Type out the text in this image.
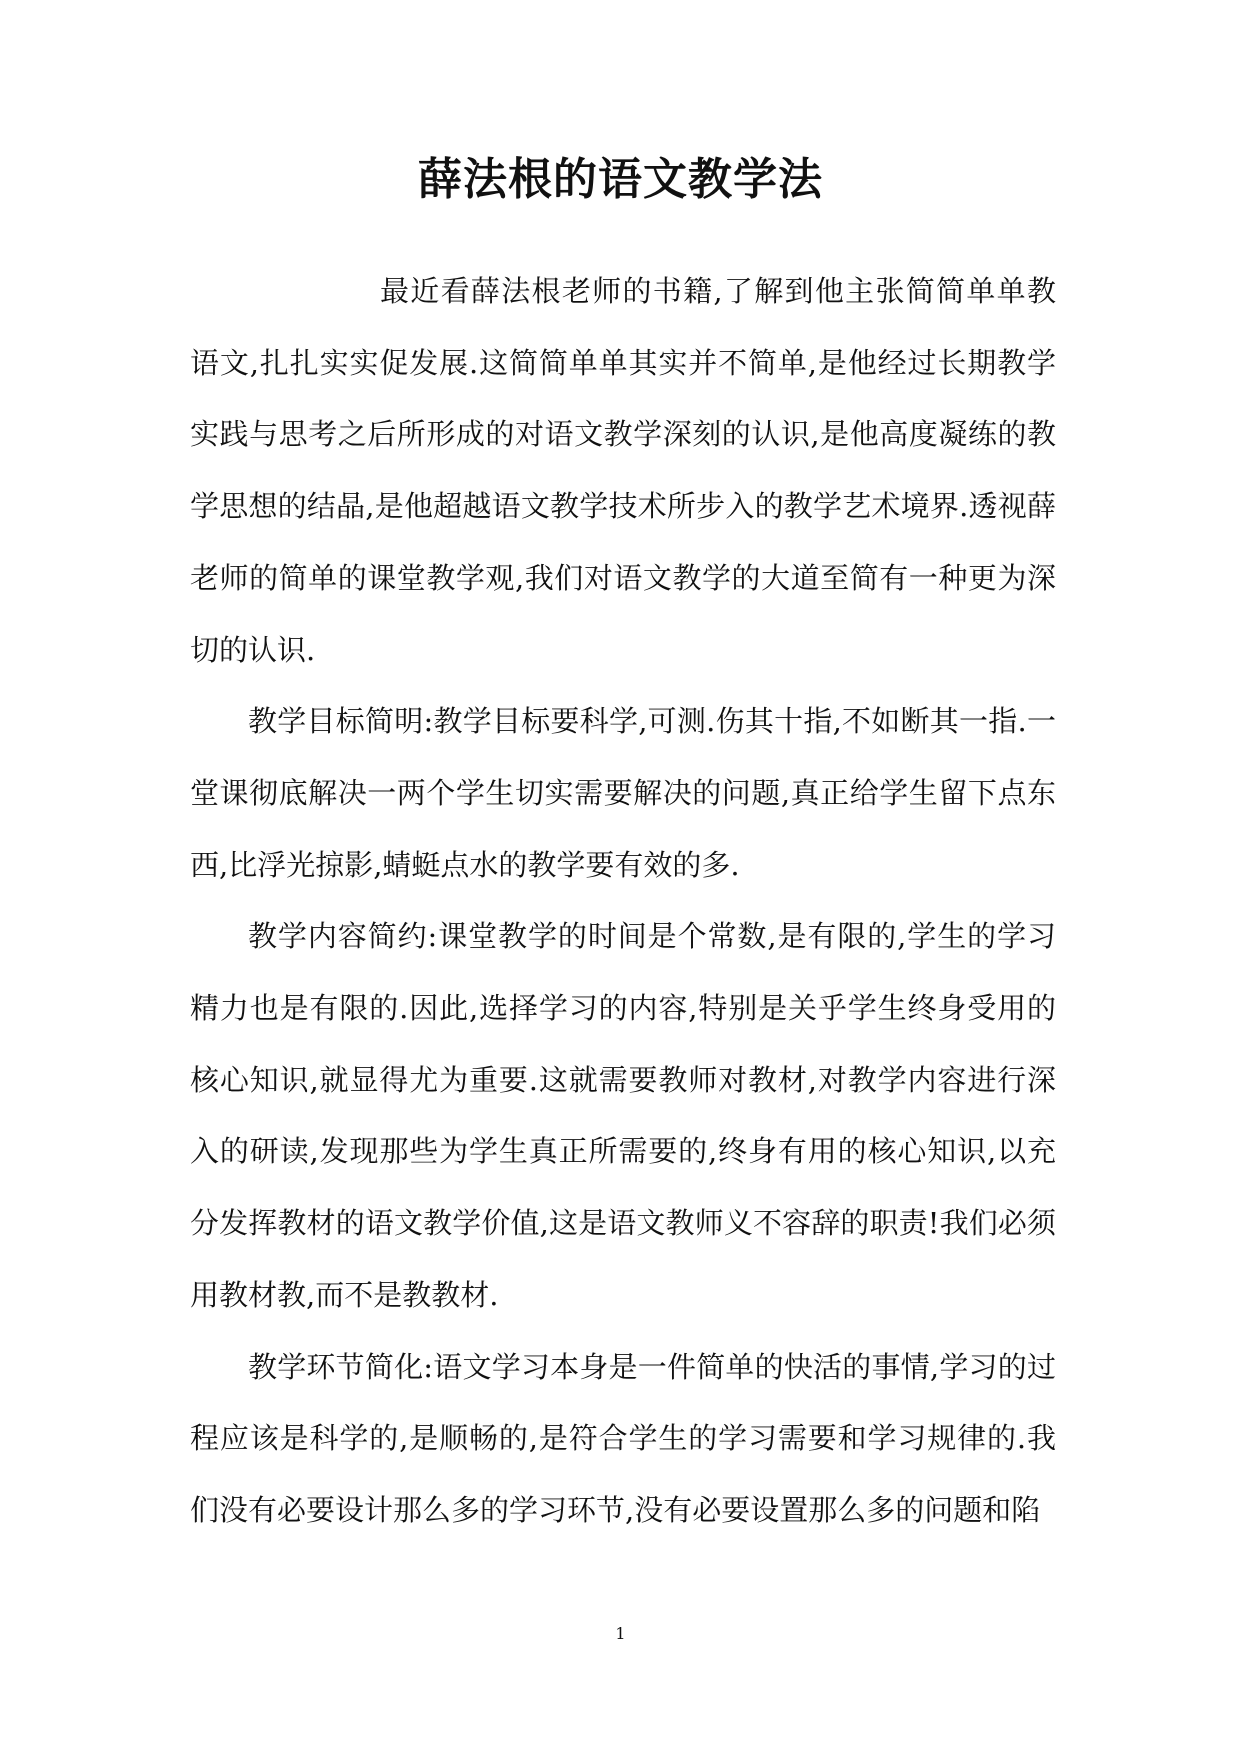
薛法根的语文教学法

最近看薛法根老师的书籍,了解到他主张简简单单教语文,扎扎实实促发展.这简简单单其实并不简单,是他经过长期教学实践与思考之后所形成的对语文教学深刻的认识,是他高度凝练的教学思想的结晶,是他超越语文教学技术所步入的教学艺术境界.透视薛老师的简单的课堂教学观,我们对语文教学的大道至简有一种更为深切的认识.

教学目标简明:教学目标要科学,可测.伤其十指,不如断其一指.一堂课彻底解决一两个学生切实需要解决的问题,真正给学生留下点东西,比浮光掠影,蜻蜓点水的教学要有效的多.

教学内容简约:课堂教学的时间是个常数,是有限的,学生的学习精力也是有限的.因此,选择学习的内容,特别是关乎学生终身受用的核心知识,就显得尤为重要.这就需要教师对教材,对教学内容进行深入的研读,发现那些为学生真正所需要的,终身有用的核心知识,以充分发挥教材的语文教学价值,这是语文教师义不容辞的职责!我们必须用教材教,而不是教教材.

教学环节简化:语文学习本身是一件简单的快活的事情,学习的过程应该是科学的,是顺畅的,是符合学生的学习需要和学习规律的.我们没有必要设计那么多的学习环节,没有必要设置那么多的问题和陷

1
